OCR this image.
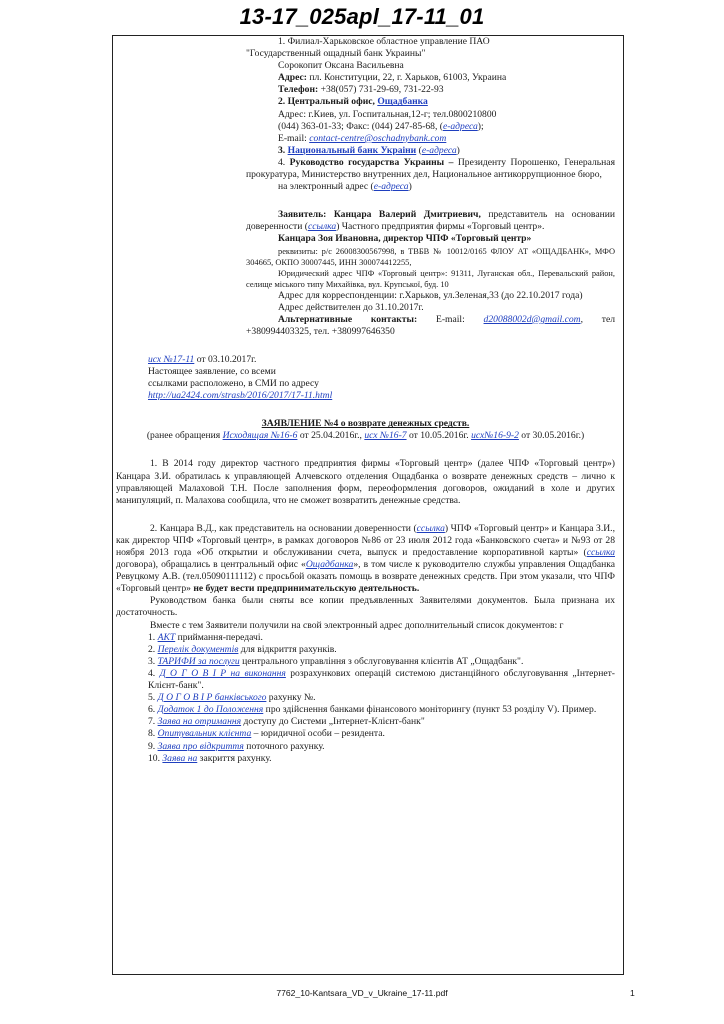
13-17_025apl_17-11_01

1. Филиал-Харьковское областное управление ПАО

"Государственный ощадный банк Украины"

Сорокопит Оксана Васильевна

Адрес: пл. Конституции, 22, г. Харьков, 61003, Украина

Телефон: +38(057) 731-29-69, 731-22-93

2. Центральный офис, Ощадбанка

Адрес: г.Киев, ул. Госпитальная,12-г; тел.0800210800

(044) 363-01-33; Факс: (044) 247-85-68, (е-адреса);

E-mail: contact-centre@oschadnybank.com

3. Национальный банк Украіни (е-адреса)

4. Руководство государства Украины – Президенту Порошенко, Генеральная прокуратура, Министерство внутренних дел, Национальное антикоррупционное бюро,

на электронный адрес (е-адреса)

Заявитель: Канцара Валерий Дмитриевич, представитель на основании доверенности (ссылка) Частного предприятия фирмы «Торговый центр».

Канцара Зоя Ивановна, директор ЧПФ «Торговый центр»

реквизиты: р/с 26008300567998, в ТВБВ № 10012/0165 ФЛОУ АТ «ОЩАДБАНК», МФО 304665, ОКПО 30007445, ИНН 300074412255,

Юридический адрес ЧПФ «Торговый центр»: 91311, Луганская обл., Перевальский район, селище мiського типу Михайiвка, вул. Крупської, буд. 10

Адрес для корреспонденции: г.Харьков, ул.Зеленая,33 (до 22.10.2017 года)

Адрес действителен до 31.10.2017г.

Альтернативные контакты: E-mail: d20088002d@gmail.com, тел +380994403325, тел. +380997646350

исх №17-11 от 03.10.2017г.

Настоящее заявление, со всеми

ссылками расположено, в СМИ по адресу

http://ua2424.com/strasb/2016/2017/17-11.html

ЗАЯВЛЕНИЕ №4 о возврате денежных средств.

(ранее обращения Исходящая №16-6 от 25.04.2016г., исх №16-7 от 10.05.2016г. исх№16-9-2 от 30.05.2016г.)

1. В 2014 году директор частного предприятия фирмы «Торговый центр» (далее ЧПФ «Торговый центр») Канцара З.И. обратилась к управляющей Алчевского отделения Ощадбанка о возврате денежных средств – лично к управляющей Малаховой Т.Н. После заполнения форм, переоформления договоров, ожиданий в холе и других манипуляций, п. Малахова сообщила, что не сможет возвратить денежные средства.

2. Канцара В.Д., как представитель на основании доверенности (ссылка) ЧПФ «Торговый центр» и Канцара З.И., как директор ЧПФ «Торговый центр», в рамках договоров №86 от 23 июля 2012 года «Банковского счета» и №93 от 28 ноября 2013 года «Об открытии и обслуживании счета, выпуск и предоставление корпоративной карты» (ссылка договора), обращались в центральный офис «Ощадбанка», в том числе к руководителю службы управления Ощадбанка Ревуцкому А.В. (тел.05090111112) с просьбой оказать помощь в возврате денежных средств. При этом указали, что ЧПФ «Торговый центр» не будет вести предпринимательскую деятельность.

Руководством банка были сняты все копии предъявленных Заявителями документов. Была признана их достаточность.

Вместе с тем Заявители получили на свой электронный адрес дополнительный список документов: г

1. АКТ приймання-передачі.

2. Перелік документів для відкриття рахунків.

3. ТАРИФИ за послуги центрального управління з обслуговування клієнтів АТ „Ощадбанк".

4. Д О Г О В І Р на виконання розрахункових операцій системою дистанційного обслуговування „Інтернет-Клієнт-банк".

5. Д О Г О В І Р банківського рахунку №.

6. Додаток 1 до Положення про здійснення банками фінансового моніторингу (пункт 53 розділу V). Пример.

7. Заява на отримання доступу до Системи „Інтернет-Клієнт-банк"

8. Опитувальник клієнта – юридичної особи – резидента.

9. Заява про відкриття поточного рахунку.

10. Заява на закриття рахунку.

7762_10-Kantsara_VD_v_Ukraine_17-11.pdf	1
